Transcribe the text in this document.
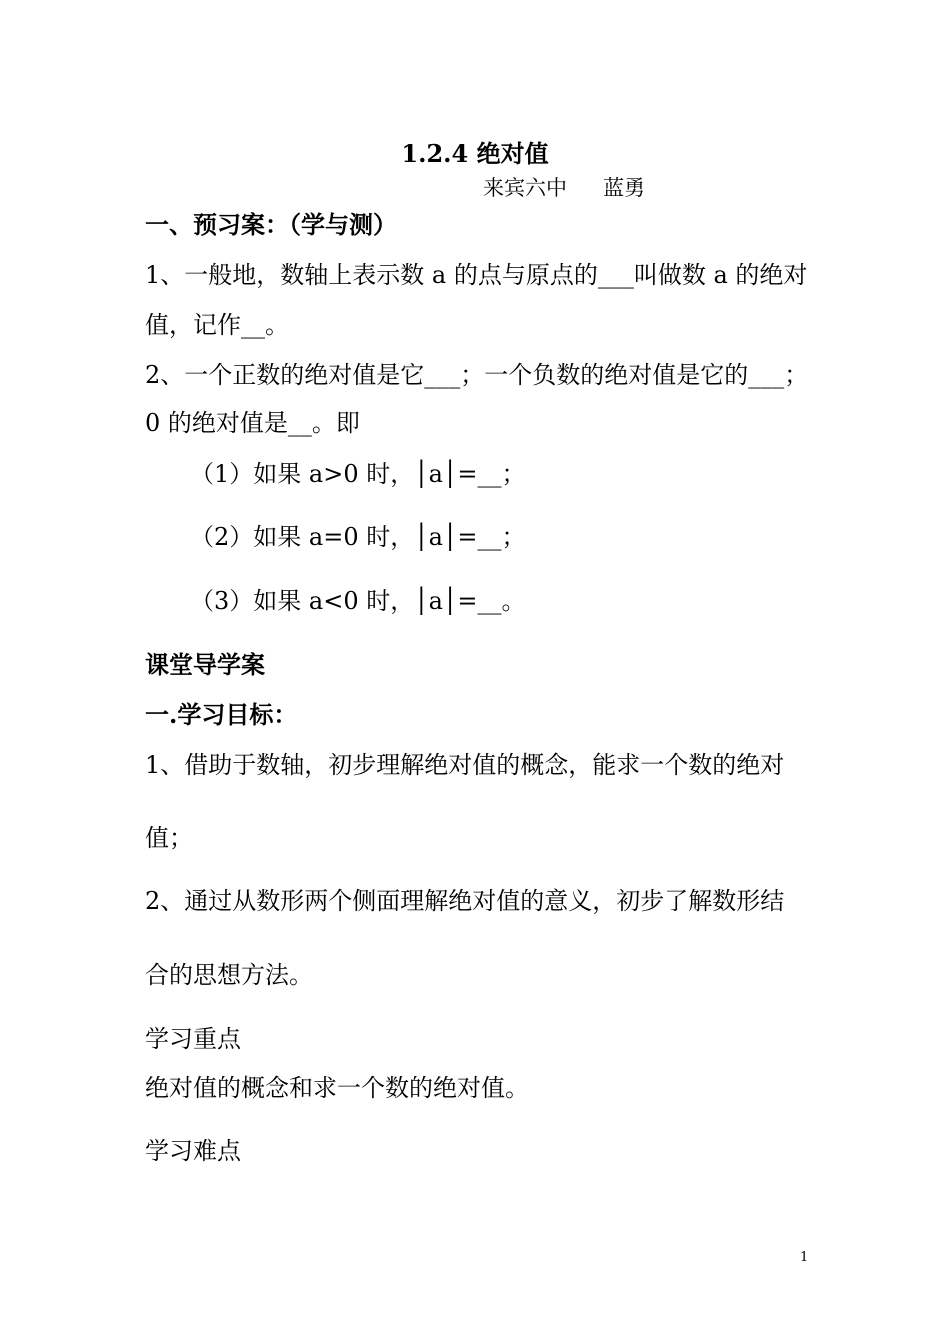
1.2.4 绝对值
来宾六中 蓝勇
一、预习案：（学与测）
1、一般地，数轴上表示数 a 的点与原点的___叫做数 a 的绝对
值，记作__。
2、一个正数的绝对值是它___；一个负数的绝对值是它的___；
0 的绝对值是__。即
（1）如果 a>0 时，│a│=__；
（2）如果 a=0 时，│a│=__；
（3）如果 a<0 时，│a│=__。
课堂导学案
一.学习目标：
1、借助于数轴，初步理解绝对值的概念，能求一个数的绝对
值；
2、通过从数形两个侧面理解绝对值的意义，初步了解数形结
合的思想方法。
学习重点
绝对值的概念和求一个数的绝对值。
学习难点
1
